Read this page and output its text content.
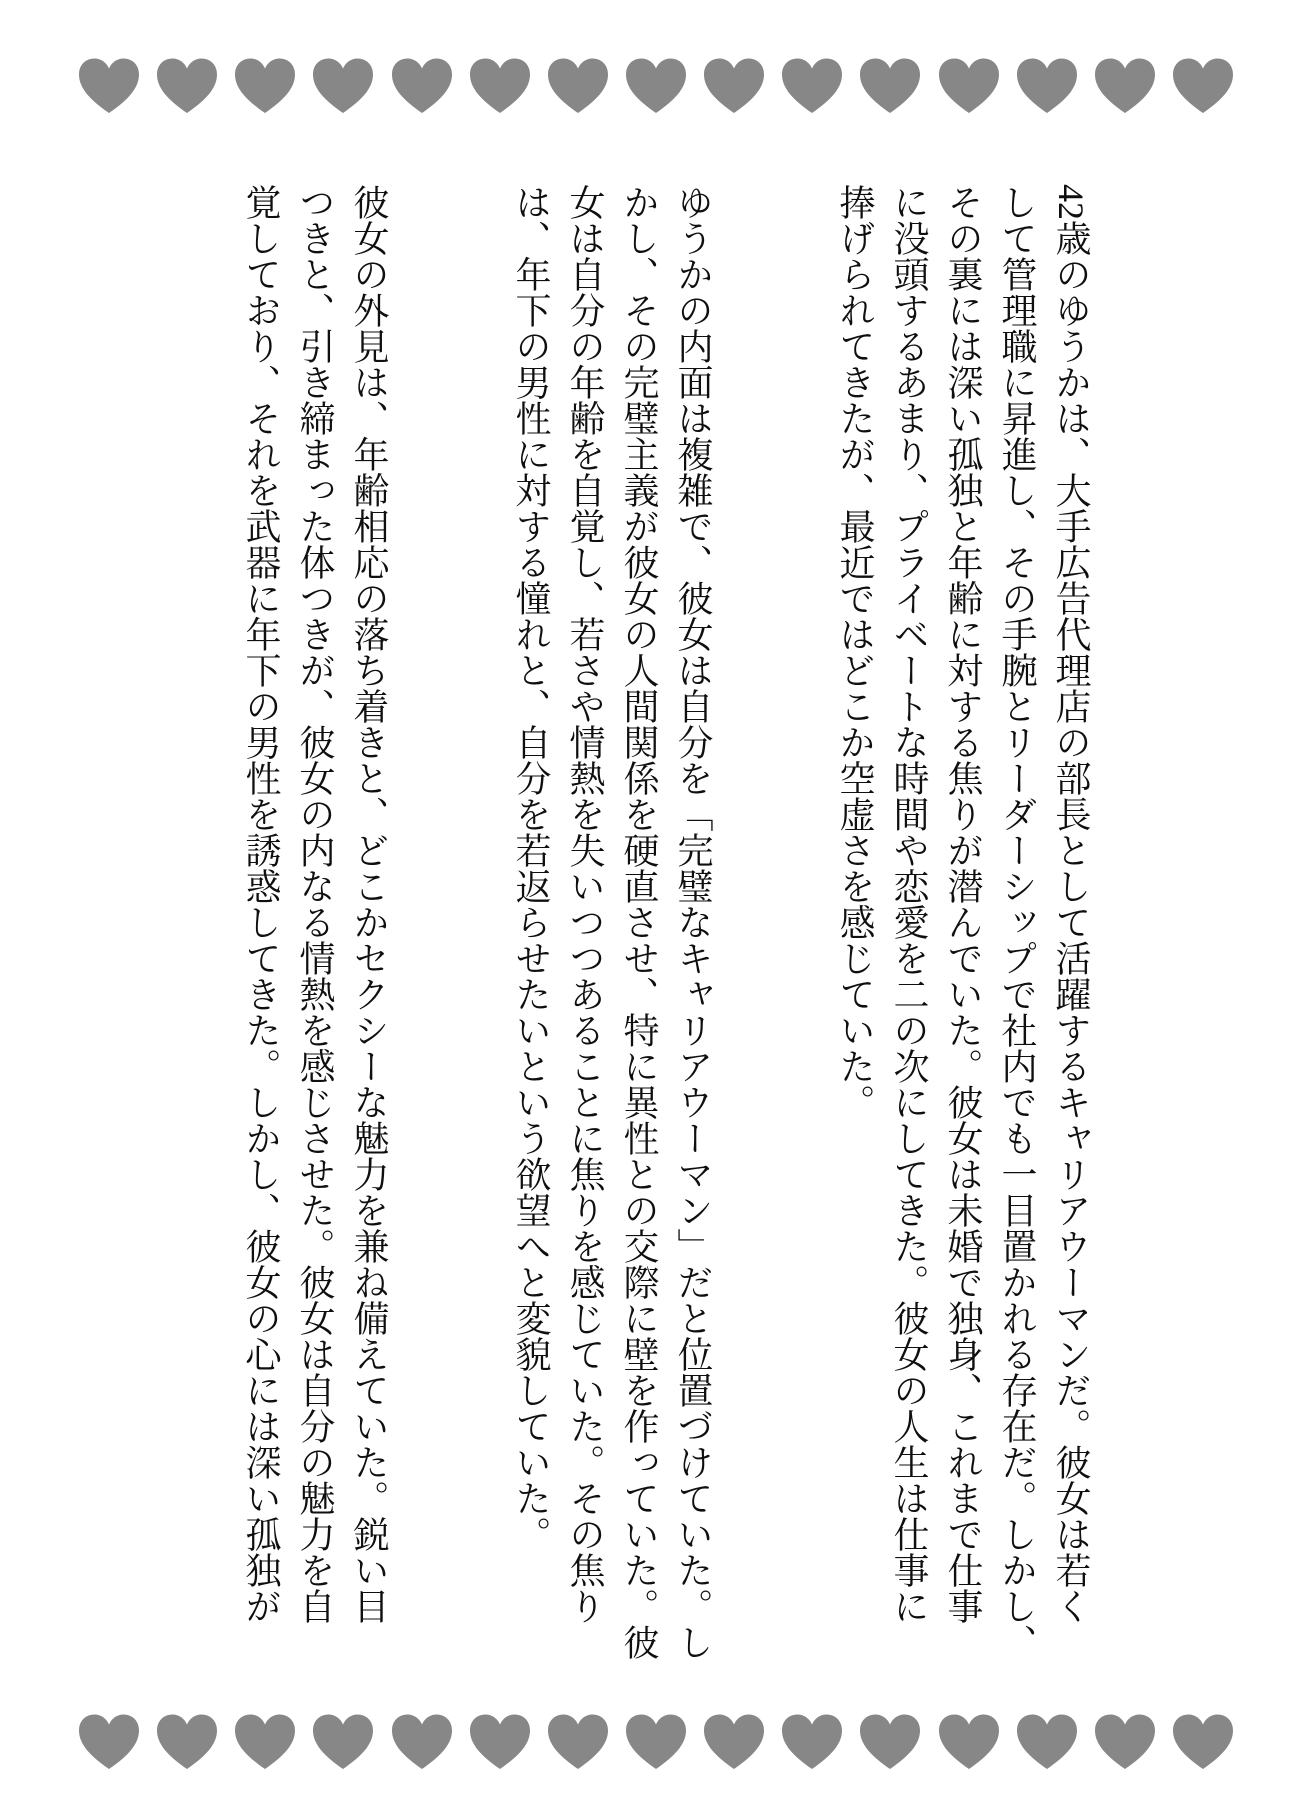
42歳のゆうかは、大手広告代理店の部長として活躍するキャリアウーマンだ。彼女は若く
して管理職に昇進し、その手腕とリーダーシップで社内でも一目置かれる存在だ。しかし、
その裏には深い孤独と年齢に対する焦りが潜んでいた。彼女は未婚で独身、これまで仕事
に没頭するあまり、プライベートな時間や恋愛を二の次にしてきた。彼女の人生は仕事に
捧げられてきたが、最近ではどこか空虚さを感じていた。
ゆうかの内面は複雑で、彼女は自分を「完璧なキャリアウーマン」だと位置づけていた。し
かし、その完璧主義が彼女の人間関係を硬直させ、特に異性との交際に壁を作っていた。彼
女は自分の年齢を自覚し、若さや情熱を失いつつあることに焦りを感じていた。その焦り
は、年下の男性に対する憧れと、自分を若返らせたいという欲望へと変貌していた。
彼女の外見は、年齢相応の落ち着きと、どこかセクシーな魅力を兼ね備えていた。鋭い目
つきと、引き締まった体つきが、彼女の内なる情熱を感じさせた。彼女は自分の魅力を自
覚しており、それを武器に年下の男性を誘惑してきた。しかし、彼女の心には深い孤独が
